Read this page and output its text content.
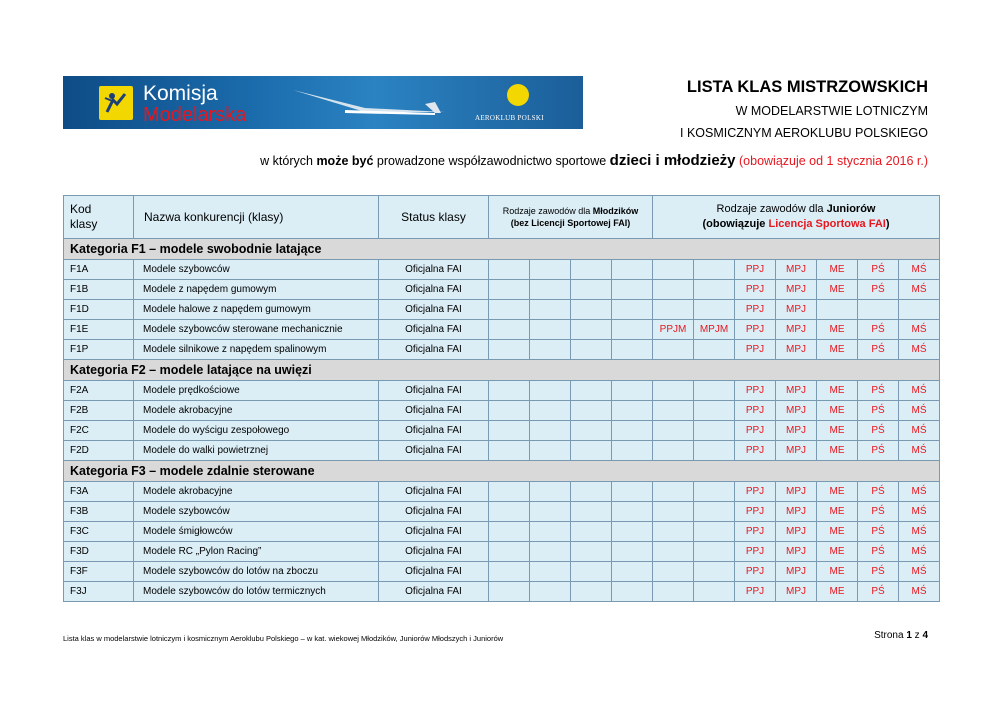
Komisja
Modelarska	AEROKLUB POLSKI
LISTA KLAS MISTRZOWSKICH
W MODELARSTWIE LOTNICZYM
I KOSMICZNYM AEROKLUBU POLSKIEGO
w których może być prowadzone współzawodnictwo sportowe dzieci i młodzieży (obowiązuje od 1 stycznia 2016 r.)
Kod
klasy	Nazwa konkurencji (klasy)	Status klasy	Rodzaje zawodów dla Młodzików
(bez Licencji Sportowej FAI)				Rodzaje zawodów dla Juniorów
(obowiązuje Licencja Sportowa FAI)						
Kategoria F1 – modele swobodnie latające													
F1A	Modele szybowców	Oficjalna FAI							PPJ	MPJ	ME	PŚ	MŚ
F1B	Modele z napędem gumowym	Oficjalna FAI							PPJ	MPJ	ME	PŚ	MŚ
F1D	Modele halowe z napędem gumowym	Oficjalna FAI							PPJ	MPJ			
F1E	Modele szybowców sterowane mechanicznie	Oficjalna FAI					PPJM	MPJM	PPJ	MPJ	ME	PŚ	MŚ
F1P	Modele silnikowe z napędem spalinowym	Oficjalna FAI							PPJ	MPJ	ME	PŚ	MŚ
Kategoria F2 – modele latające na uwięzi													
F2A	Modele prędkościowe	Oficjalna FAI							PPJ	MPJ	ME	PŚ	MŚ
F2B	Modele akrobacyjne	Oficjalna FAI							PPJ	MPJ	ME	PŚ	MŚ
F2C	Modele do wyścigu zespołowego	Oficjalna FAI							PPJ	MPJ	ME	PŚ	MŚ
F2D	Modele do walki powietrznej	Oficjalna FAI							PPJ	MPJ	ME	PŚ	MŚ
Kategoria F3 – modele zdalnie sterowane													
F3A	Modele akrobacyjne	Oficjalna FAI							PPJ	MPJ	ME	PŚ	MŚ
F3B	Modele szybowców	Oficjalna FAI							PPJ	MPJ	ME	PŚ	MŚ
F3C	Modele śmigłowców	Oficjalna FAI							PPJ	MPJ	ME	PŚ	MŚ
F3D	Modele RC „Pylon Racing”	Oficjalna FAI							PPJ	MPJ	ME	PŚ	MŚ
F3F	Modele szybowców do lotów na zboczu	Oficjalna FAI							PPJ	MPJ	ME	PŚ	MŚ
F3J	Modele szybowców do lotów termicznych	Oficjalna FAI							PPJ	MPJ	ME	PŚ	MŚ
Lista klas w modelarstwie lotniczym i kosmicznym Aeroklubu Polskiego – w kat. wiekowej Młodzików, Juniorów Młodszych i Juniorów	Strona 1 z 4
